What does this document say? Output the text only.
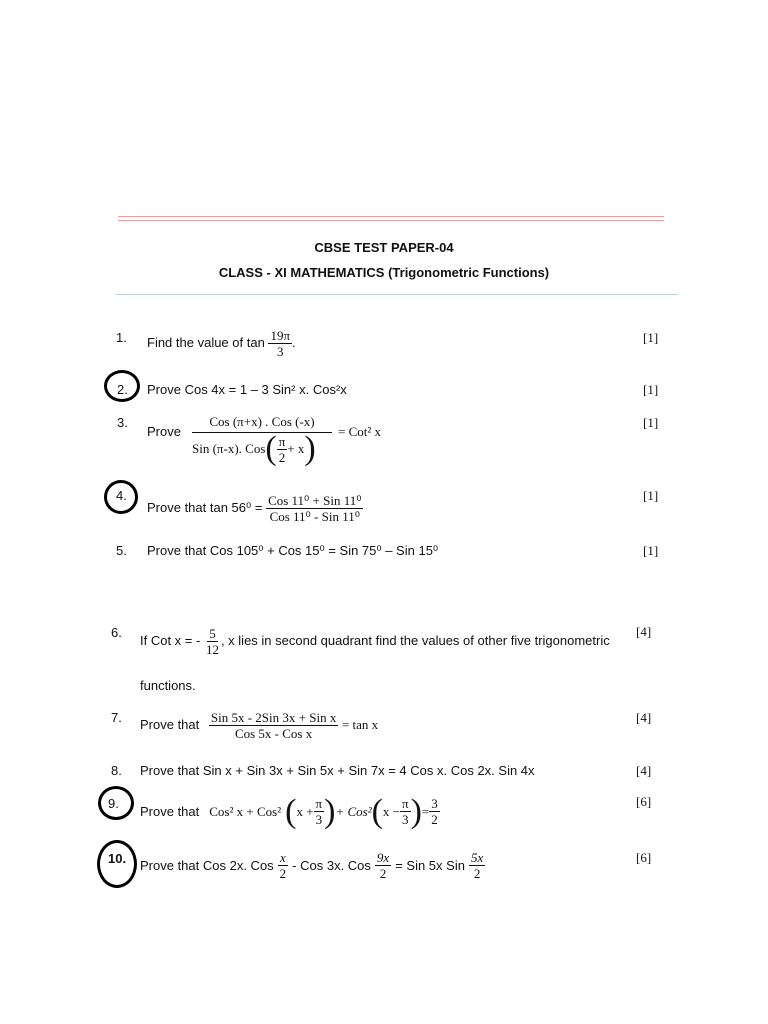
CBSE TEST PAPER-04
CLASS - XI MATHEMATICS (Trigonometric Functions)
1. Find the value of $\tan \frac{19\pi}{3}$ .	[1]
2. Prove Cos 4x = 1 – 3 Sin² x. Cos²x	[1]
3.
Prove
Cos (π+x) . Cos (-x)
Sin (π-x). Cos ( $\frac{\pi}{2} + x$ ) = Cot² x
[1]
4.
Prove that $\tan 56^0 = \frac{\text{Cos 11⁰ + Sin 11⁰}}{\text{Cos 11⁰ - Sin 11⁰}}$	[1]
5. Prove that Cos 105⁰ + Cos 15⁰ = Sin 75⁰ – Sin 15⁰	[1]
6.
If Cot x = - $\frac{5}{12}$ , x lies in second quadrant find the values of other five trigonometric
[4]
functions.
7. Prove that $\frac{\text{Sin 5x - 2Sin 3x + Sin x}}{\text{Cos 5x - Cos x}} = \tan x$	[4]
8. Prove that Sin x + Sin 3x + Sin 5x + Sin 7x = 4 Cos x. Cos 2x. Sin 4x	[4]
9.
Prove that Cos² x + Cos² ( $x + \frac{\pi}{3}$ ) + Cos² ( $x - \frac{\pi}{3}$ ) = $\frac{3}{2}$	[6]
10. Prove that Cos 2x. Cos $\frac{x}{2}$ - Cos 3x. Cos $\frac{9x}{2}$ = Sin 5x Sin $\frac{5x}{2}$	[6]
